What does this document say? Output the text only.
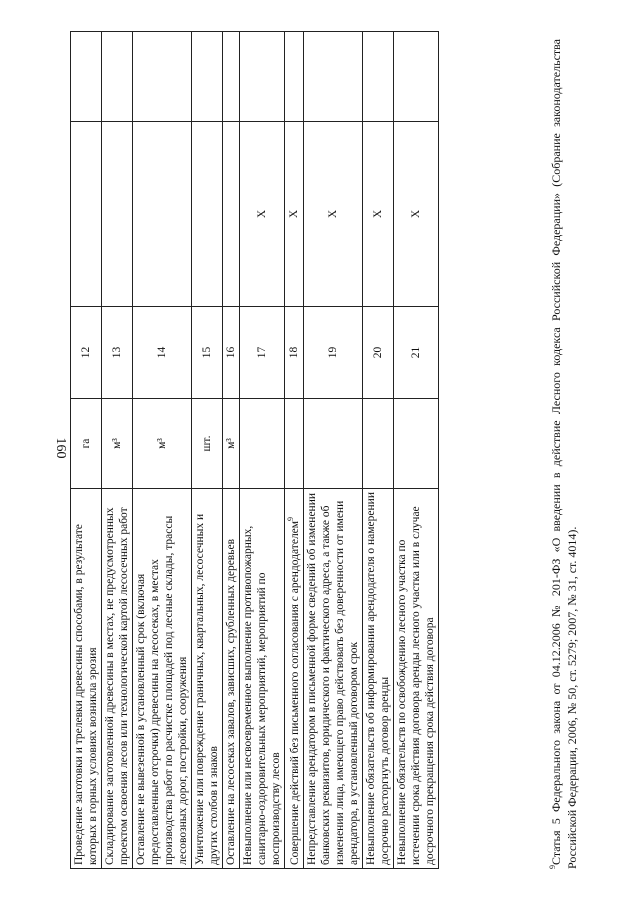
160
Проведение заготовки и трелевки древесины способами, в результате которых в горных условиях возникла эрозия	га	12		
Складирование заготовленной древесины в местах, не предусмотренных проектом освоения лесов или технологической картой лесосечных работ	м³	13		
Оставление не вывезенной в установленный срок (включая предоставленные отсрочки) древесины на лесосеках, в местах производства работ по расчистке площадей под лесные склады, трассы лесовозных дорог, постройки, сооружения	м³	14		
Уничтожение или повреждение граничных, квартальных, лесосечных и других столбов и знаков	шт.	15		
Оставление на лесосеках завалов, зависших, срубленных деревьев	м³	16		
Невыполнение или несвоевременное выполнение противопожарных, санитарно-оздоровительных мероприятий, мероприятий по воспроизводству лесов		17	X	
Совершение действий без письменного согласования с арендодателем$^9$		18	X	
Непредставление арендатором в письменной форме сведений об изменении банковских реквизитов, юридического и фактического адреса, а также об изменении лица, имеющего право действовать без доверенности от имени арендатора, в установленный договором срок		19	X	
Невыполнение обязательств об информировании арендодателя о намерении досрочно расторгнуть договор аренды		20	X	
Невыполнение обязательств по освобождению лесного участка по истечении срока действия договора аренды лесного участка или в случае досрочного прекращения срока действия договора		21	X	
$^9$Статья 5 Федерального закона от 04.12.2006 № 201-ФЗ «О введении в действие Лесного кодекса Российской Федерации» (Собрание законодательства Российской Федерации, 2006, № 50, ст. 5279; 2007, № 31, ст. 4014).
